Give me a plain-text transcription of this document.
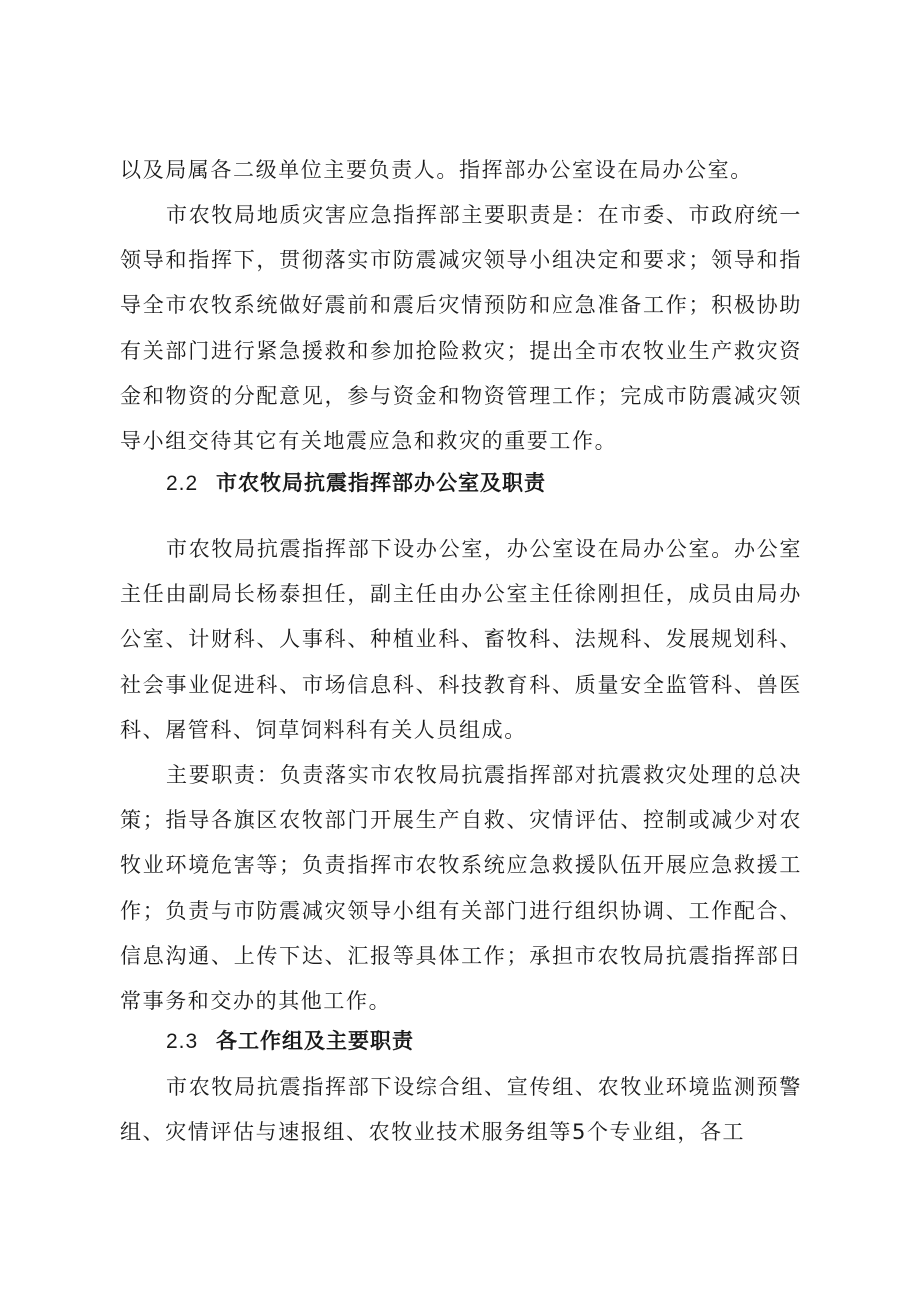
以及局属各二级单位主要负责人。指挥部办公室设在局办公室。

市农牧局地质灾害应急指挥部主要职责是：在市委、市政府统一领导和指挥下，贯彻落实市防震减灾领导小组决定和要求；领导和指导全市农牧系统做好震前和震后灾情预防和应急准备工作；积极协助有关部门进行紧急援救和参加抢险救灾；提出全市农牧业生产救灾资金和物资的分配意见，参与资金和物资管理工作；完成市防震减灾领导小组交待其它有关地震应急和救灾的重要工作。

2.2 市农牧局抗震指挥部办公室及职责

市农牧局抗震指挥部下设办公室，办公室设在局办公室。办公室主任由副局长杨泰担任，副主任由办公室主任徐刚担任，成员由局办公室、计财科、人事科、种植业科、畜牧科、法规科、发展规划科、社会事业促进科、市场信息科、科技教育科、质量安全监管科、兽医科、屠管科、饲草饲料科有关人员组成。

主要职责：负责落实市农牧局抗震指挥部对抗震救灾处理的总决策；指导各旗区农牧部门开展生产自救、灾情评估、控制或减少对农牧业环境危害等；负责指挥市农牧系统应急救援队伍开展应急救援工作；负责与市防震减灾领导小组有关部门进行组织协调、工作配合、信息沟通、上传下达、汇报等具体工作；承担市农牧局抗震指挥部日常事务和交办的其他工作。

2.3 各工作组及主要职责

市农牧局抗震指挥部下设综合组、宣传组、农牧业环境监测预警组、灾情评估与速报组、农牧业技术服务组等5个专业组，各工
